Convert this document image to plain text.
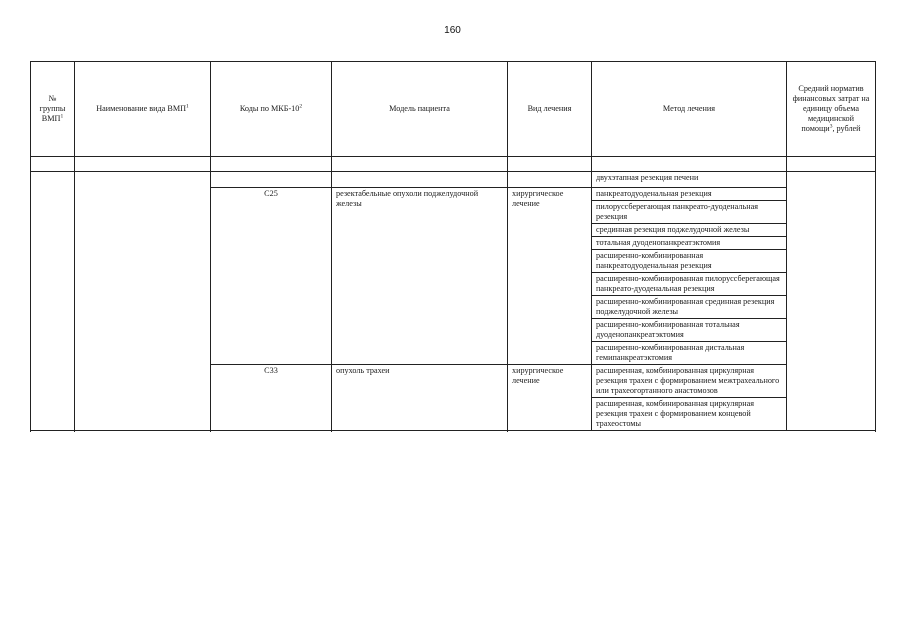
160
№ группы ВМП$^1$	Наименование вида ВМП$^1$	Коды по МКБ-$10^2$	Модель пациента	Вид лечения	Метод лечения	Средний норматив финансовых затрат на единицу объема медицинской помощи$^3$, рублей

					двухэтапная резекция печени	
		C25	резектабельные опухоли поджелудочной железы	хирургическое лечение	панкреатодуоденальная резекция	
					пилоруссберегающая панкреато-дуоденальная резекция	
					срединная резекция поджелудочной железы	
					тотальная дуоденопанкреатэктомия	
					расширенно-комбинированная панкреатодуоденальная резекция	
					расширенно-комбинированная пилоруссберегающая панкреато-дуоденальная резекция	
					расширенно-комбинированная срединная резекция поджелудочной железы	
					расширенно-комбинированная тотальная дуоденопанкреатэктомия	
					расширенно-комбинированная дистальная гемипанкреатэктомия	

		C33	опухоль трахеи	хирургическое лечение	расширенная, комбинированная циркулярная резекция трахеи с формированием межтрахеального или трахеогортанного анастомозов	
					расширенная, комбинированная циркулярная резекция трахеи с формированием концевой трахеостомы	
